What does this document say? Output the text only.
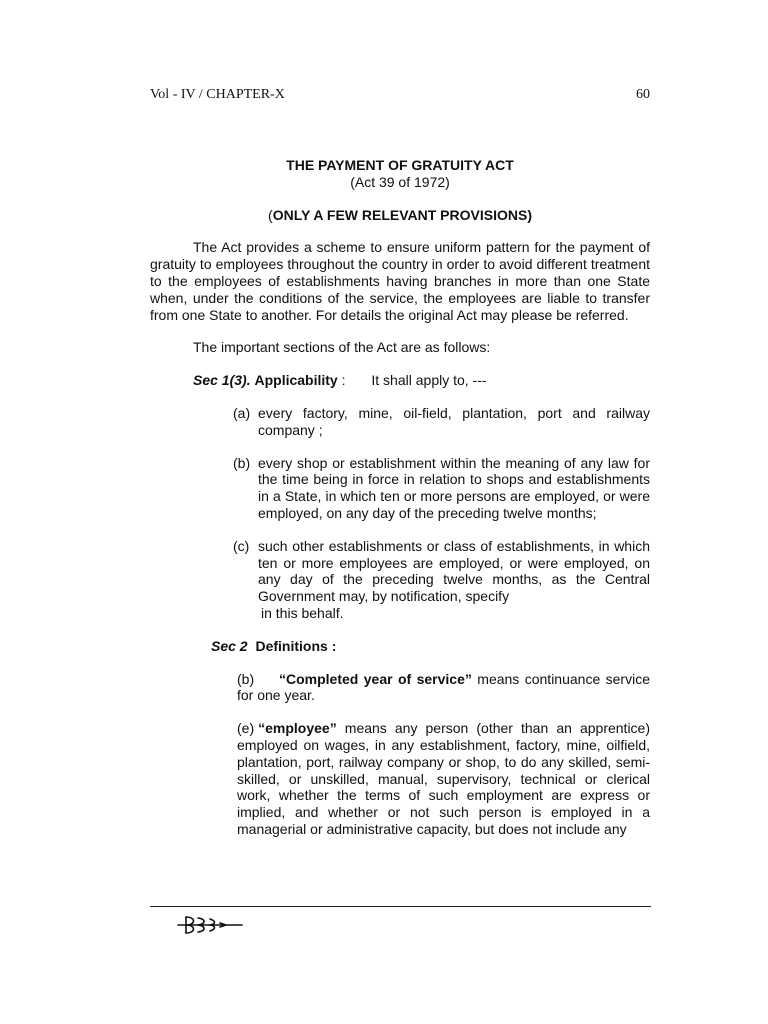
Vol - IV / CHAPTER-X	60
THE PAYMENT OF GRATUITY ACT
(Act 39 of 1972)
(ONLY A FEW RELEVANT PROVISIONS)

The Act provides a scheme to ensure uniform pattern for the payment of gratuity to employees throughout the country in order to avoid different treatment to the employees of establishments having branches in more than one State when, under the conditions of the service, the employees are liable to transfer from one State to another. For details the original Act may please be referred.

The important sections of the Act are as follows:

Sec 1(3). Applicability : It shall apply to, ---

(a) every factory, mine, oil-field, plantation, port and railway company ;
(b) every shop or establishment within the meaning of any law for the time being in force in relation to shops and establishments in a State, in which ten or more persons are employed, or were employed, on any day of the preceding twelve months;
(c) such other establishments or class of establishments, in which ten or more employees are employed, or were employed, on any day of the preceding twelve months, as the Central Government may, by notification, specify
in this behalf.

Sec 2 Definitions :

(b) “Completed year of service” means continuance service for one year.

(e) “employee” means any person (other than an apprentice) employed on wages, in any establishment, factory, mine, oilfield, plantation, port, railway company or shop, to do any skilled, semi-skilled, or unskilled, manual, supervisory, technical or clerical work, whether the terms of such employment are express or implied, and whether or not such person is employed in a managerial or administrative capacity, but does not include any
